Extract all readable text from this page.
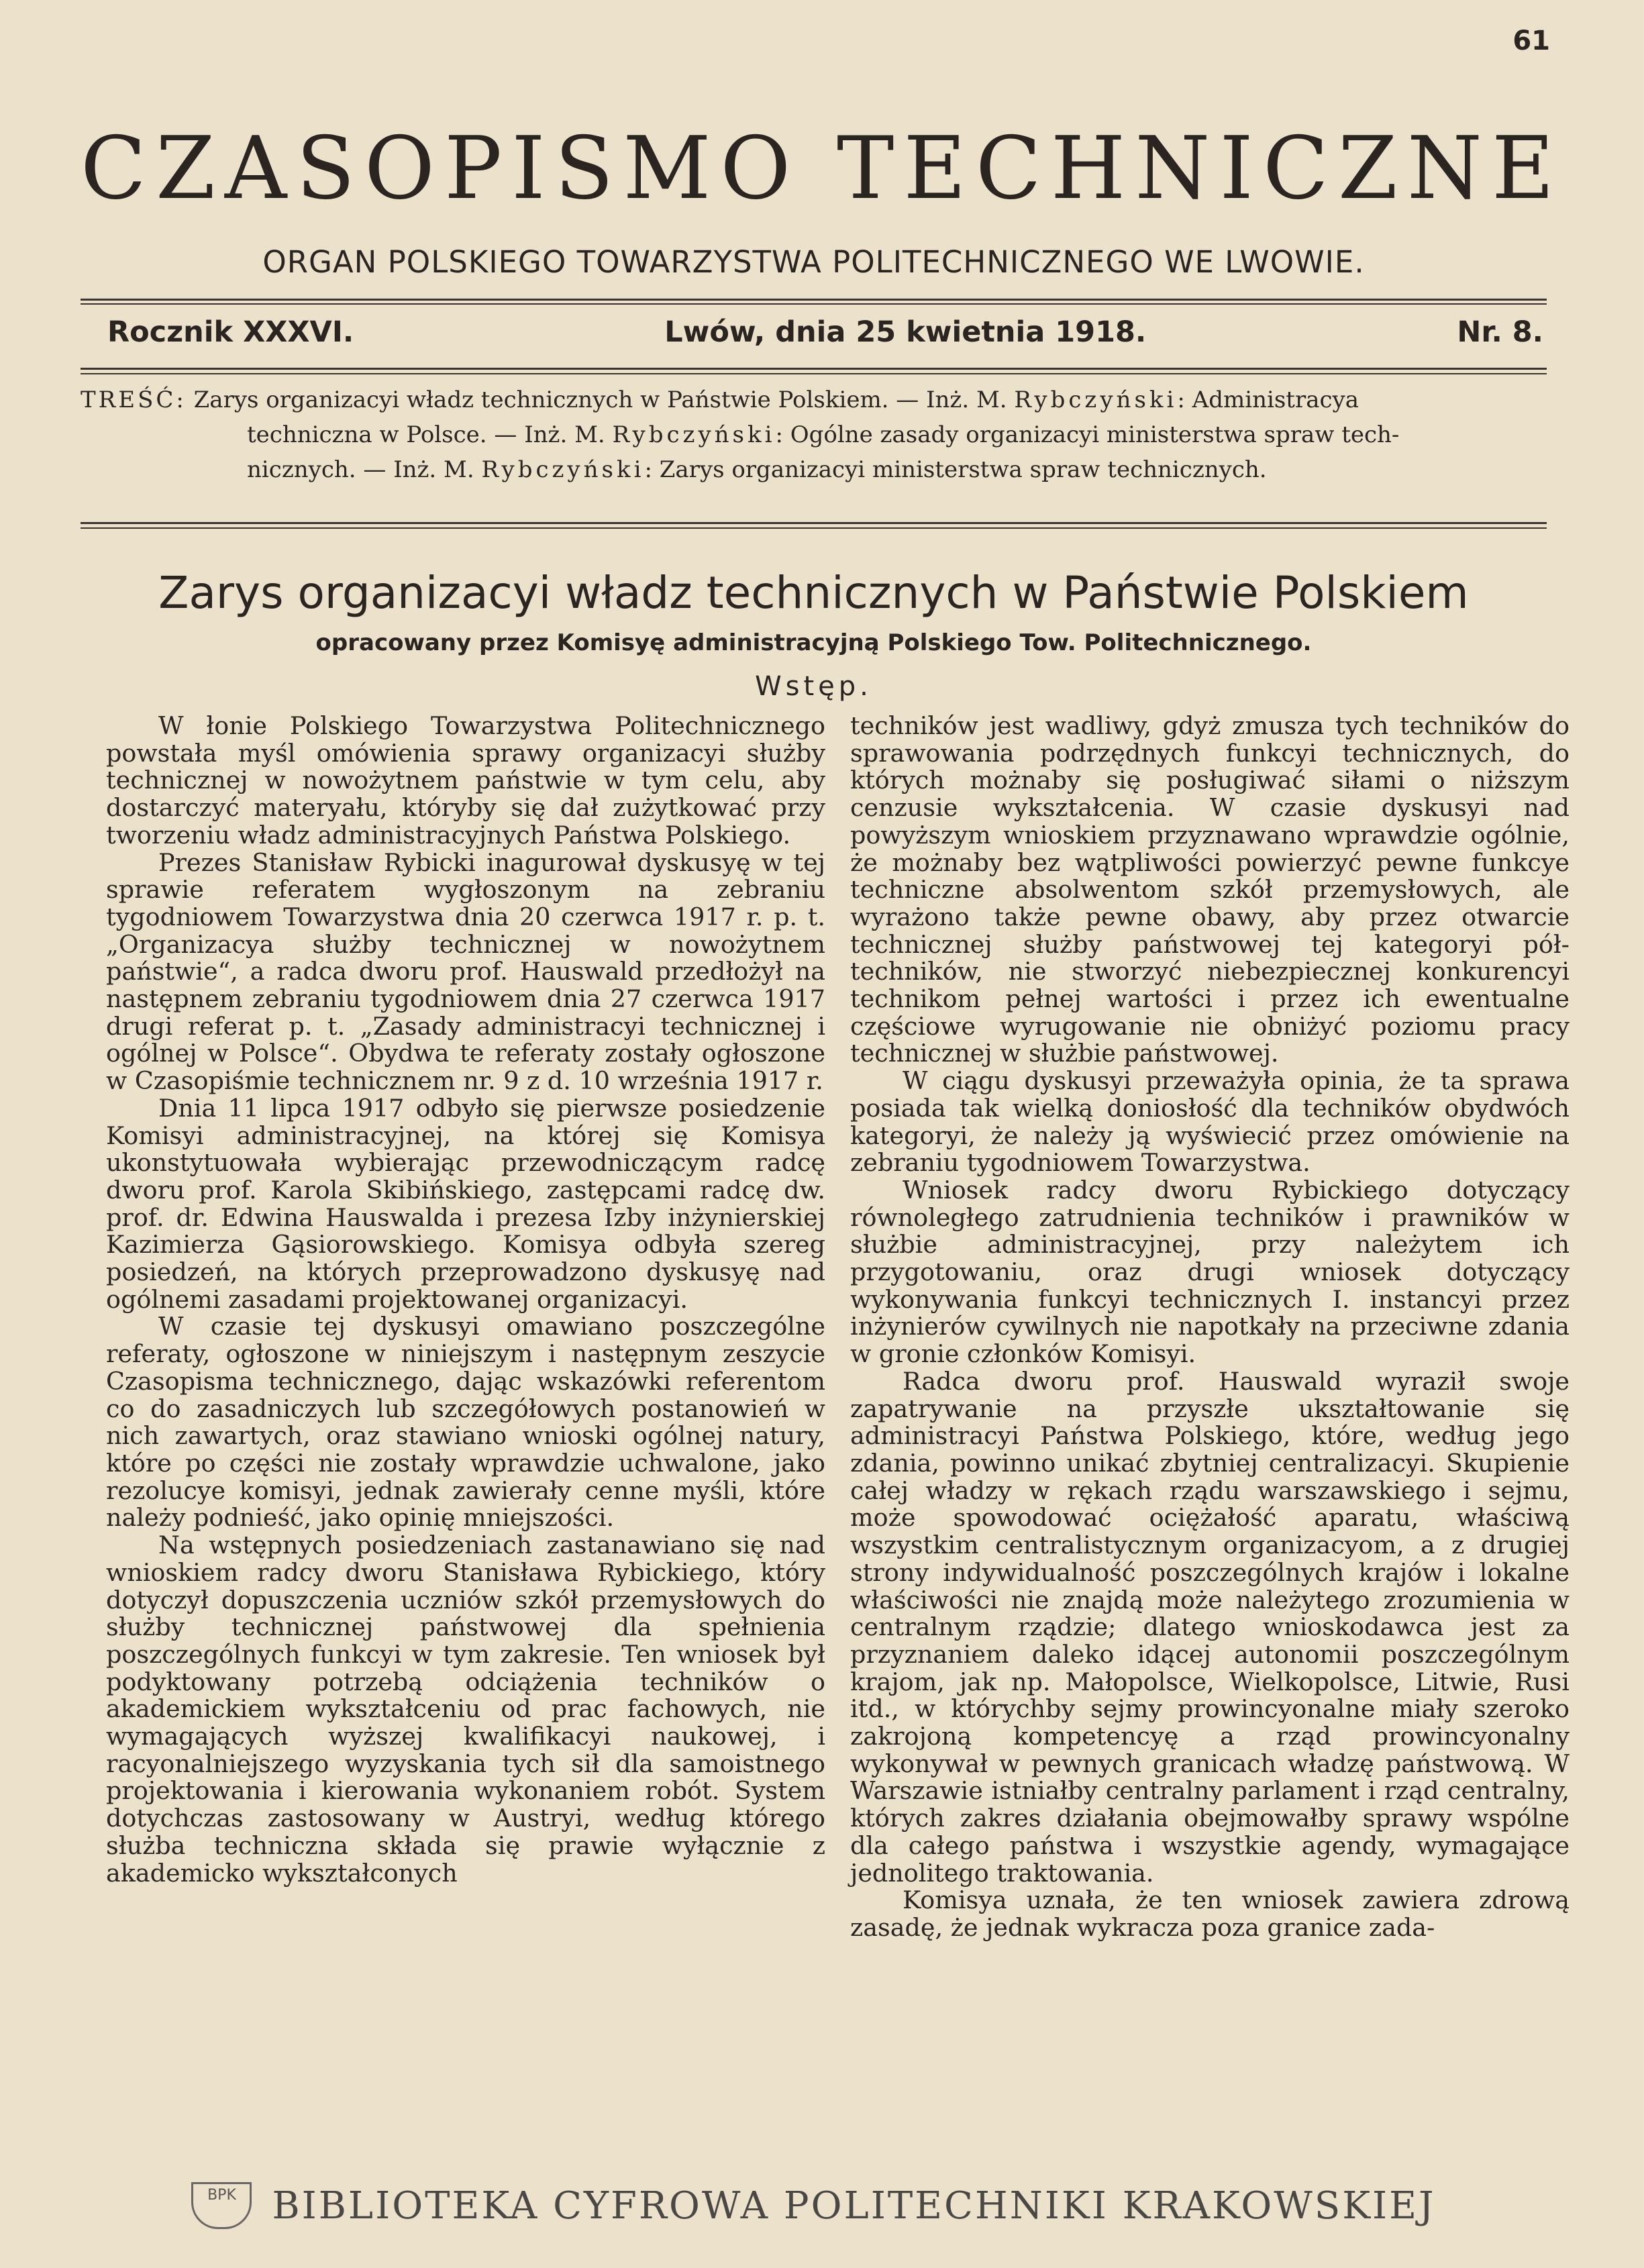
61
CZASOPISMO TECHNICZNE
ORGAN POLSKIEGO TOWARZYSTWA POLITECHNICZNEGO WE LWOWIE.
Rocznik XXXVI.	Lwów, dnia 25 kwietnia 1918.	Nr. 8.
TREŚĆ: Zarys organizacyi władz technicznych w Państwie Polskiem. — Inż. M. Rybczyński: Administracya
techniczna w Polsce. — Inż. M. Rybczyński: Ogólne zasady organizacyi ministerstwa spraw tech-
nicznych. — Inż. M. Rybczyński: Zarys organizacyi ministerstwa spraw technicznych.
Zarys organizacyi władz technicznych w Państwie Polskiem
opracowany przez Komisyę administracyjną Polskiego Tow. Politechnicznego.
Wstęp.

W łonie Polskiego Towarzystwa Politechnicznego powstała myśl omówienia sprawy organizacyi służby technicznej w nowożytnem państwie w tym celu, aby dostarczyć materyału, któryby się dał zużytkować przy tworzeniu władz administracyjnych Państwa Polskiego.

Prezes Stanisław Rybicki inagurował dyskusyę w tej sprawie referatem wygłoszonym na zebraniu tygodniowem Towarzystwa dnia 20 czerwca 1917 r. p. t. „Organizacya służby technicznej w nowożytnem państwie“, a radca dworu prof. Hauswald przedłożył na następnem zebraniu tygodniowem dnia 27 czerwca 1917 drugi referat p. t. „Zasady administracyi technicznej i ogólnej w Polsce“. Obydwa te referaty zostały ogłoszone w Czasopiśmie technicznem nr. 9 z d. 10 września 1917 r.

Dnia 11 lipca 1917 odbyło się pierwsze posiedzenie Komisyi administracyjnej, na której się Komisya ukonstytuowała wybierając przewodniczącym radcę dworu prof. Karola Skibińskiego, zastępcami radcę dw. prof. dr. Edwina Hauswalda i prezesa Izby inżynierskiej Kazimierza Gąsiorowskiego. Komisya odbyła szereg posiedzeń, na których przeprowadzono dyskusyę nad ogólnemi zasadami projektowanej organizacyi.

W czasie tej dyskusyi omawiano poszczególne referaty, ogłoszone w niniejszym i następnym zeszycie Czasopisma technicznego, dając wskazówki referentom co do zasadniczych lub szczegółowych postanowień w nich zawartych, oraz stawiano wnioski ogólnej natury, które po części nie zostały wprawdzie uchwalone, jako rezolucye komisyi, jednak zawierały cenne myśli, które należy podnieść, jako opinię mniejszości.

Na wstępnych posiedzeniach zastanawiano się nad wnioskiem radcy dworu Stanisława Rybickiego, który dotyczył dopuszczenia uczniów szkół przemysłowych do służby technicznej państwowej dla spełnienia poszczególnych funkcyi w tym zakresie. Ten wniosek był podyktowany potrzebą odciążenia techników o akademickiem wykształceniu od prac fachowych, nie wymagających wyższej kwalifikacyi naukowej, i racyonalniejszego wyzyskania tych sił dla samoistnego projektowania i kierowania wykonaniem robót. System dotychczas zastosowany w Austryi, według którego służba techniczna składa się prawie wyłącznie z akademicko wykształconych

techników jest wadliwy, gdyż zmusza tych techników do sprawowania podrzędnych funkcyi technicznych, do których możnaby się posługiwać siłami o niższym cenzusie wykształcenia. W czasie dyskusyi nad powyższym wnioskiem przyznawano wprawdzie ogólnie, że możnaby bez wątpliwości powierzyć pewne funkcye techniczne absolwentom szkół przemysłowych, ale wyrażono także pewne obawy, aby przez otwarcie technicznej służby państwowej tej kategoryi pół-techników, nie stworzyć niebezpiecznej konkurencyi technikom pełnej wartości i przez ich ewentualne częściowe wyrugowanie nie obniżyć poziomu pracy technicznej w służbie państwowej.

W ciągu dyskusyi przeważyła opinia, że ta sprawa posiada tak wielką doniosłość dla techników obydwóch kategoryi, że należy ją wyświecić przez omówienie na zebraniu tygodniowem Towarzystwa.

Wniosek radcy dworu Rybickiego dotyczący równoległego zatrudnienia techników i prawników w służbie administracyjnej, przy należytem ich przygotowaniu, oraz drugi wniosek dotyczący wykonywania funkcyi technicznych I. instancyi przez inżynierów cywilnych nie napotkały na przeciwne zdania w gronie członków Komisyi.

Radca dworu prof. Hauswald wyraził swoje zapatrywanie na przyszłe ukształtowanie się administracyi Państwa Polskiego, które, według jego zdania, powinno unikać zbytniej centralizacyi. Skupienie całej władzy w rękach rządu warszawskiego i sejmu, może spowodować ociężałość aparatu, właściwą wszystkim centralistycznym organizacyom, a z drugiej strony indywidualność poszczególnych krajów i lokalne właściwości nie znajdą może należytego zrozumienia w centralnym rządzie; dlatego wnioskodawca jest za przyznaniem daleko idącej autonomii poszczególnym krajom, jak np. Małopolsce, Wielkopolsce, Litwie, Rusi itd., w którychby sejmy prowincyonalne miały szeroko zakrojoną kompetencyę a rząd prowincyonalny wykonywał w pewnych granicach władzę państwową. W Warszawie istniałby centralny parlament i rząd centralny, których zakres działania obejmowałby sprawy wspólne dla całego państwa i wszystkie agendy, wymagające jednolitego traktowania.

Komisya uznała, że ten wniosek zawiera zdrową zasadę, że jednak wykracza poza granice zada-

BPK BIBLIOTEKA CYFROWA POLITECHNIKI KRAKOWSKIEJ
